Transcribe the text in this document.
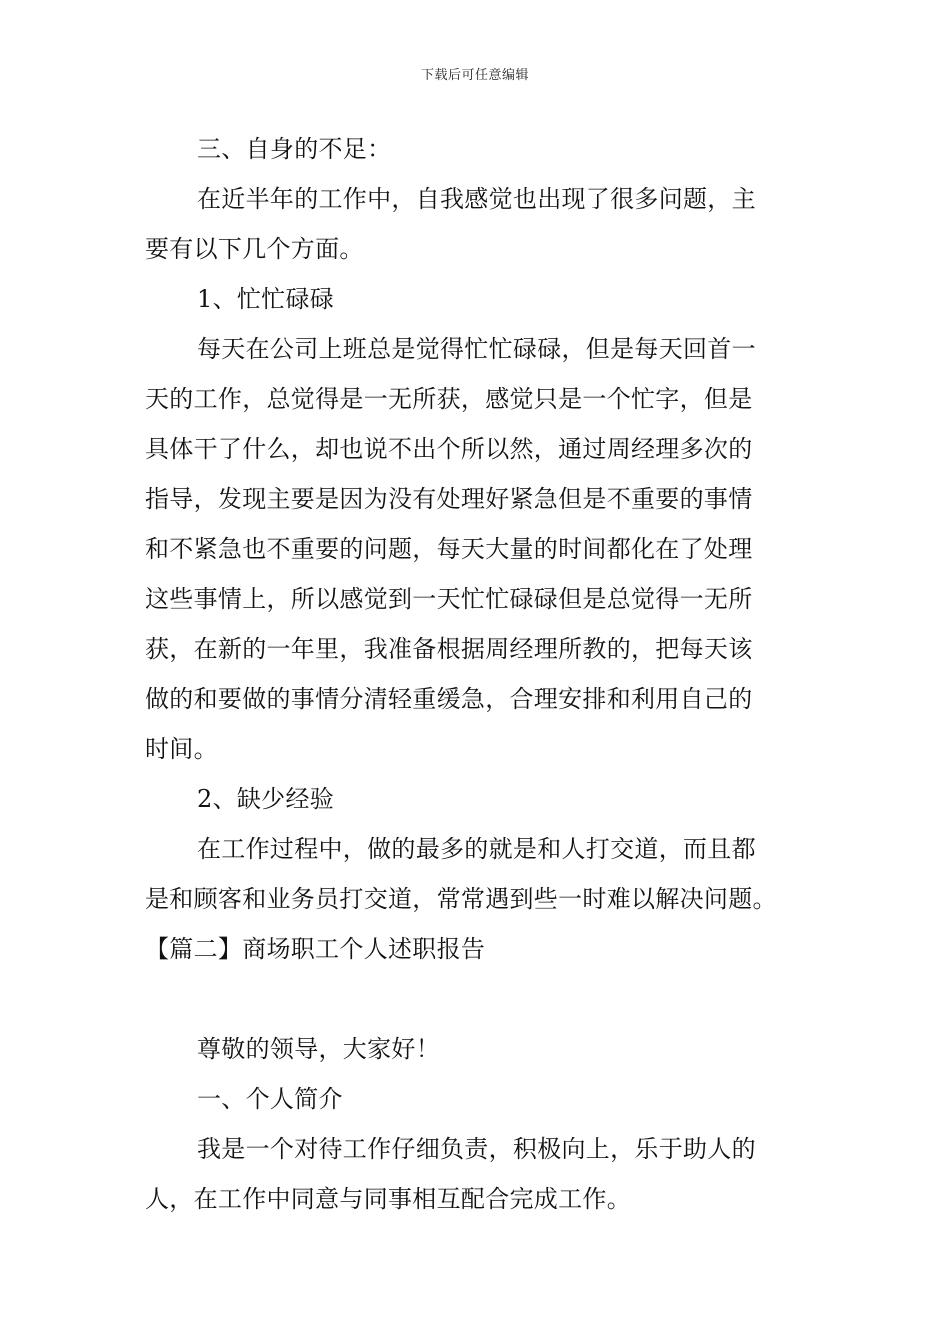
下载后可任意编辑
三、自身的不足：
在近半年的工作中，自我感觉也出现了很多问题，主
要有以下几个方面。
1、忙忙碌碌
每天在公司上班总是觉得忙忙碌碌，但是每天回首一
天的工作，总觉得是一无所获，感觉只是一个忙字，但是
具体干了什么，却也说不出个所以然，通过周经理多次的
指导，发现主要是因为没有处理好紧急但是不重要的事情
和不紧急也不重要的问题，每天大量的时间都化在了处理
这些事情上，所以感觉到一天忙忙碌碌但是总觉得一无所
获，在新的一年里，我准备根据周经理所教的，把每天该
做的和要做的事情分清轻重缓急，合理安排和利用自己的
时间。
2、缺少经验
在工作过程中，做的最多的就是和人打交道，而且都
是和顾客和业务员打交道，常常遇到些一时难以解决问题。
【篇二】商场职工个人述职报告
尊敬的领导，大家好！
一、个人简介
我是一个对待工作仔细负责，积极向上，乐于助人的
人，在工作中同意与同事相互配合完成工作。
